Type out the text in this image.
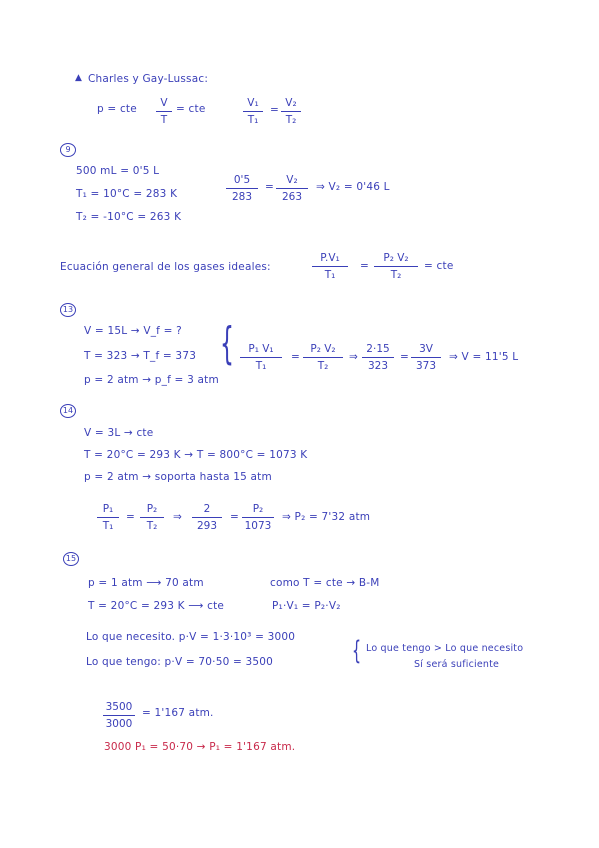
▲ Charles y Gay-Lussac:
p = cte $\frac{V}{T}$ = cte	$\frac{\text{V₁}}{\text{T₁}} = \frac{\text{V₂}}{\text{T₂}}$
9
500 mL = 0'5 L
T₁ = 10°C = 283 K
T₂ = -10°C = 263 K
$\frac{0'5}{283} = \frac{\text{V₂}}{263}$ ⇒ V₂ = 0'46 L
Ecuación general de los gases ideales:	$\frac{\text{P.V₁}}{\text{T₁}} = \frac{\text{P₂ V₂}}{\text{T₂}}$ = cte
13
V = 15L → V_f = ?
T = 323 → T_f = 373
p = 2 atm → p_f = 3 atm
{ $\frac{\text{P₁ V₁}}{\text{T₁}} = \frac{\text{P₂ V₂}}{\text{T₂}}$ ⇒ $\frac{2\cdot 15}{323} = \frac{3V}{373}$ ⇒ V = 11'5 L
14
V = 3L → cte
T = 20°C = 293 K → T = 800°C = 1073 K
p = 2 atm → soporta hasta 15 atm
$\frac{\text{P₁}}{\text{T₁}} = \frac{\text{P₂}}{\text{T₂}}$ ⇒ $\frac{2}{293} = \frac{\text{P₂}}{1073}$ ⇒ P₂ = 7'32 atm
15
p = 1 atm ⟶ 70 atm	como T = cte → B-M
T = 20°C = 293 K ⟶ cte	P₁·V₁ = P₂·V₂
Lo que necesito. p·V = 1·3·10³ = 3000
Lo que tengo: p·V = 70·50 = 3500	{ Lo que tengo > Lo que necesito
Sí será suficiente
$\frac{3500}{3000} = 1'167$ atm.
3000 P₁ = 50·70 → P₁ = 1'167 atm.
